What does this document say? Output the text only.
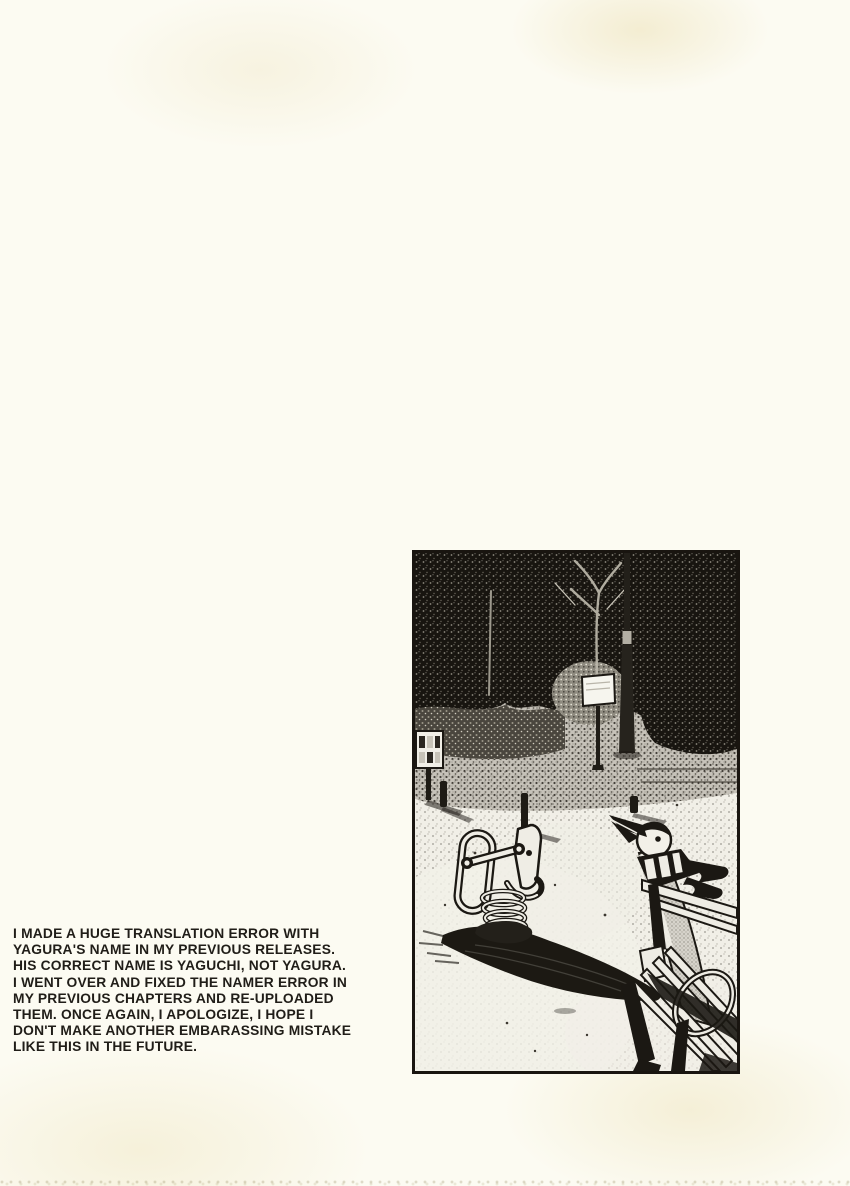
I MADE A HUGE TRANSLATION ERROR WITH
YAGURA'S NAME IN MY PREVIOUS RELEASES.
HIS CORRECT NAME IS YAGUCHI, NOT YAGURA.
I WENT OVER AND FIXED THE NAMER ERROR IN
MY PREVIOUS CHAPTERS AND RE-UPLOADED
THEM. ONCE AGAIN, I APOLOGIZE, I HOPE I
DON'T MAKE ANOTHER EMBARASSING MISTAKE
LIKE THIS IN THE FUTURE.
